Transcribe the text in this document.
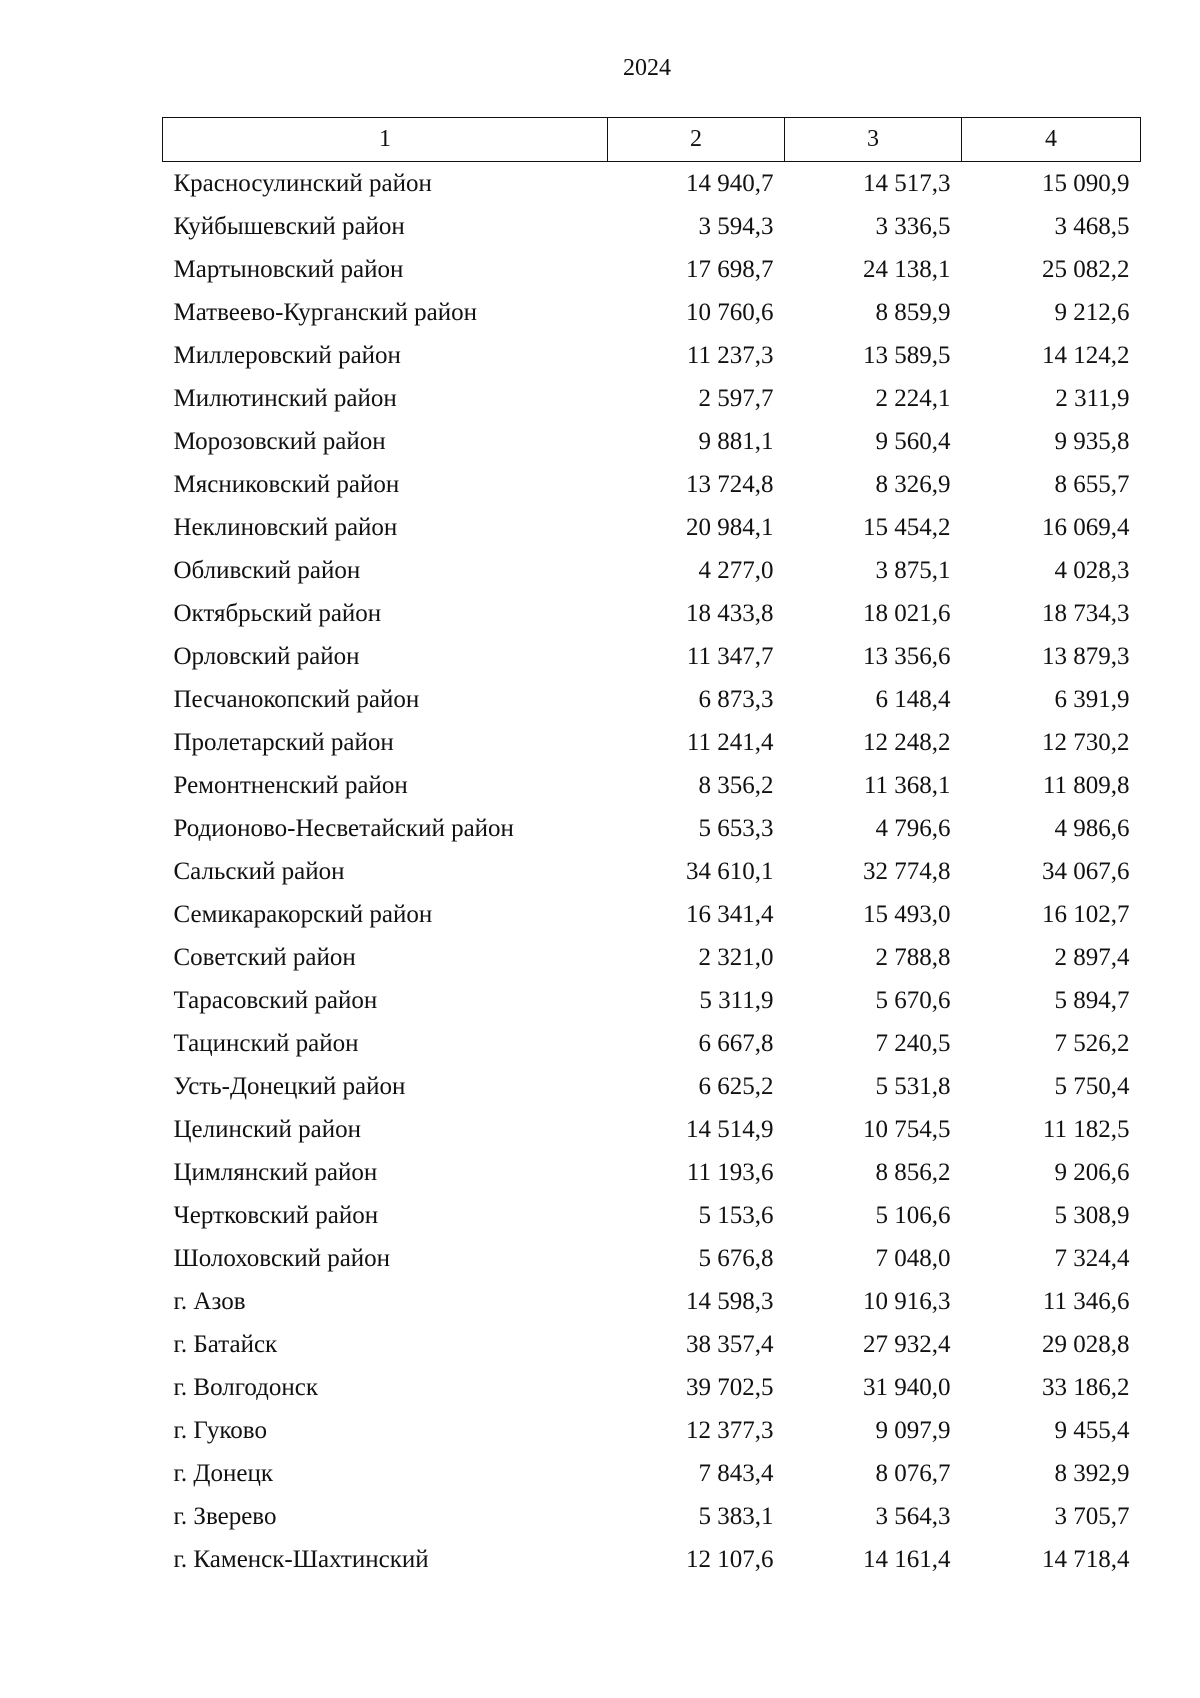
2024
1	2	3	4
Красносулинский район	14 940,7	14 517,3	15 090,9
Куйбышевский район	3 594,3	3 336,5	3 468,5
Мартыновский район	17 698,7	24 138,1	25 082,2
Матвеево-Курганский район	10 760,6	8 859,9	9 212,6
Миллеровский район	11 237,3	13 589,5	14 124,2
Милютинский район	2 597,7	2 224,1	2 311,9
Морозовский район	9 881,1	9 560,4	9 935,8
Мясниковский район	13 724,8	8 326,9	8 655,7
Неклиновский район	20 984,1	15 454,2	16 069,4
Обливский район	4 277,0	3 875,1	4 028,3
Октябрьский район	18 433,8	18 021,6	18 734,3
Орловский район	11 347,7	13 356,6	13 879,3
Песчанокопский район	6 873,3	6 148,4	6 391,9
Пролетарский район	11 241,4	12 248,2	12 730,2
Ремонтненский район	8 356,2	11 368,1	11 809,8
Родионово-Несветайский район	5 653,3	4 796,6	4 986,6
Сальский район	34 610,1	32 774,8	34 067,6
Семикаракорский район	16 341,4	15 493,0	16 102,7
Советский район	2 321,0	2 788,8	2 897,4
Тарасовский район	5 311,9	5 670,6	5 894,7
Тацинский район	6 667,8	7 240,5	7 526,2
Усть-Донецкий район	6 625,2	5 531,8	5 750,4
Целинский район	14 514,9	10 754,5	11 182,5
Цимлянский район	11 193,6	8 856,2	9 206,6
Чертковский район	5 153,6	5 106,6	5 308,9
Шолоховский район	5 676,8	7 048,0	7 324,4
г. Азов	14 598,3	10 916,3	11 346,6
г. Батайск	38 357,4	27 932,4	29 028,8
г. Волгодонск	39 702,5	31 940,0	33 186,2
г. Гуково	12 377,3	9 097,9	9 455,4
г. Донецк	7 843,4	8 076,7	8 392,9
г. Зверево	5 383,1	3 564,3	3 705,7
г. Каменск-Шахтинский	12 107,6	14 161,4	14 718,4
